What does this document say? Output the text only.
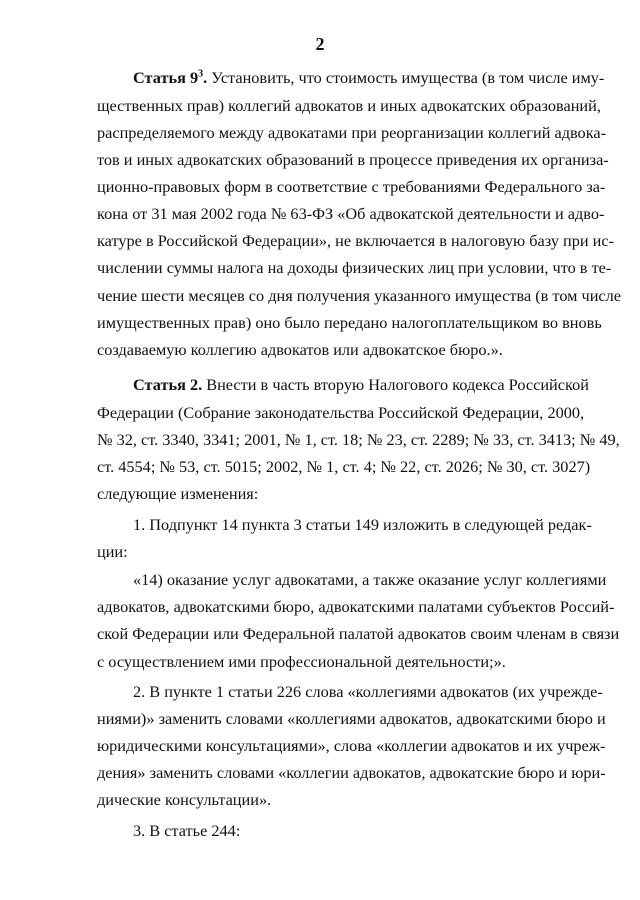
2
Статья $9^3$. Установить, что стоимость имущества (в том числе иму-
щественных прав) коллегий адвокатов и иных адвокатских образований,
распределяемого между адвокатами при реорганизации коллегий адвока-
тов и иных адвокатских образований в процессе приведения их организа-
ционно-правовых форм в соответствие с требованиями Федерального за-
кона от 31 мая 2002 года № 63-ФЗ «Об адвокатской деятельности и адво-
катуре в Российской Федерации», не включается в налоговую базу при ис-
числении суммы налога на доходы физических лиц при условии, что в те-
чение шести месяцев со дня получения указанного имущества (в том числе
имущественных прав) оно было передано налогоплательщиком во вновь
создаваемую коллегию адвокатов или адвокатское бюро.».
Статья 2. Внести в часть вторую Налогового кодекса Российской
Федерации (Собрание законодательства Российской Федерации, 2000,
№ 32, ст. 3340, 3341; 2001, № 1, ст. 18; № 23, ст. 2289; № 33, ст. 3413; № 49,
ст. 4554; № 53, ст. 5015; 2002, № 1, ст. 4; № 22, ст. 2026; № 30, ст. 3027)
следующие изменения:
1. Подпункт 14 пункта 3 статьи 149 изложить в следующей редак-
ции:
«14) оказание услуг адвокатами, а также оказание услуг коллегиями
адвокатов, адвокатскими бюро, адвокатскими палатами субъектов Россий-
ской Федерации или Федеральной палатой адвокатов своим членам в связи
с осуществлением ими профессиональной деятельности;».
2. В пункте 1 статьи 226 слова «коллегиями адвокатов (их учрежде-
ниями)» заменить словами «коллегиями адвокатов, адвокатскими бюро и
юридическими консультациями», слова «коллегии адвокатов и их учреж-
дения» заменить словами «коллегии адвокатов, адвокатские бюро и юри-
дические консультации».
3. В статье 244:
